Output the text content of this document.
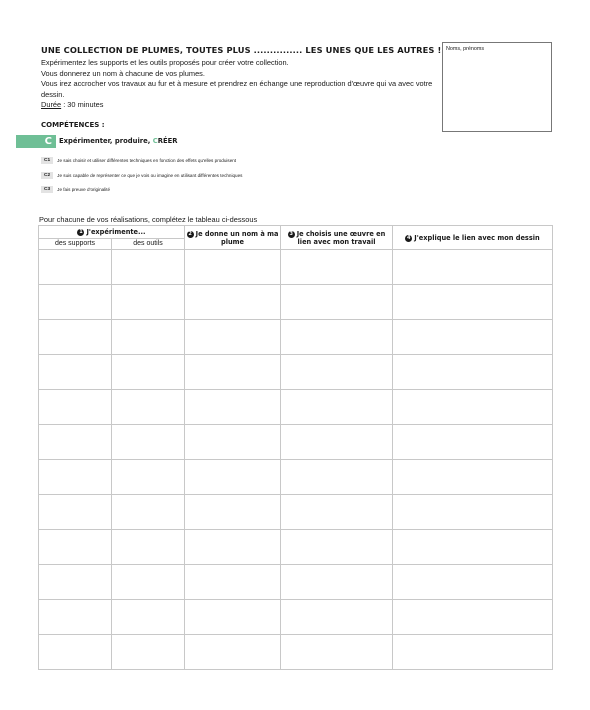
UNE COLLECTION DE PLUMES, TOUTES PLUS ............... LES UNES QUE LES AUTRES !
Expérimentez les supports et les outils proposés pour créer votre collection.
Vous donnerez un nom à chacune de vos plumes.
Vous irez accrocher vos travaux au fur et à mesure et prendrez en échange une reproduction d'œuvre qui va avec votre dessin.
Durée : 30 minutes
Noms, prénoms
COMPÉTENCES :
C Expérimenter, produire, CRÉER
C1	Je sais choisir et utiliser différentes techniques en fonction des effets qu'elles produisent
C2	Je suis capable de représenter ce que je vois ou imagine en utilisant différentes techniques
C3	Je fais preuve d'originalité
Pour chacune de vos réalisations, complétez le tableau ci-dessous
1 J'expérimente...		2 Je donne un nom à ma plume	3 Je choisis une œuvre en lien avec mon travail	4 J'explique le lien avec mon dessin
des supports	des outils			
